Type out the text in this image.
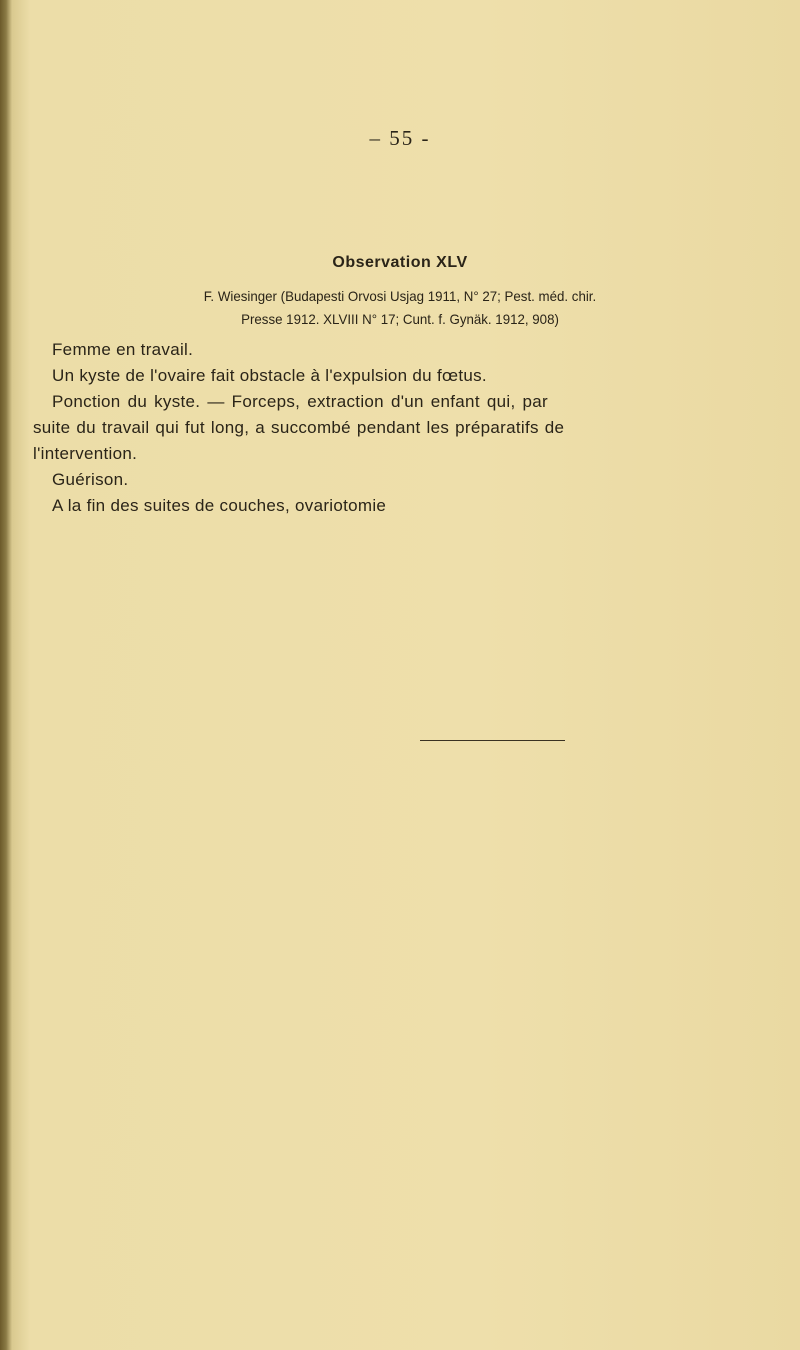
– 55 -
Observation XLV
F. Wiesinger (Budapesti Orvosi Usjag 1911, N° 27; Pest. méd. chir.
Presse 1912. XLVIII N° 17; Cunt. f. Gynäk. 1912, 908)
Femme en travail.
Un kyste de l'ovaire fait obstacle à l'expulsion du fœtus.
Ponction du kyste. — Forceps, extraction d'un enfant qui, par
suite du travail qui fut long, a succombé pendant les préparatifs de
l'intervention.
Guérison.
A la fin des suites de couches, ovariotomie
